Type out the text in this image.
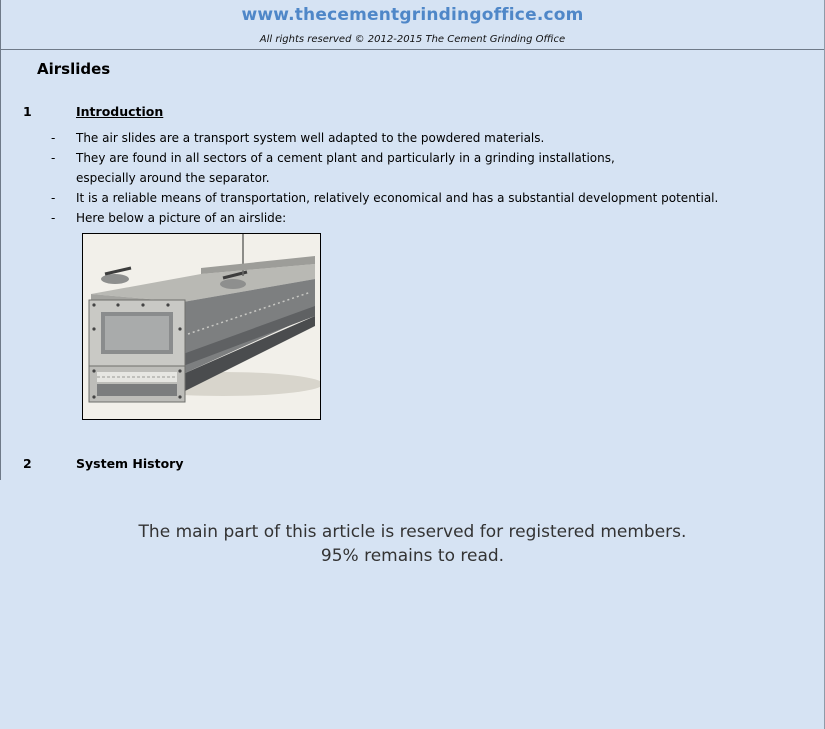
www.thecementgrindingoffice.com
All rights reserved © 2012-2015 The Cement Grinding Office
Airslides
1	Introduction
- The air slides are a transport system well adapted to the powdered materials.
- They are found in all sectors of a cement plant and particularly in a grinding installations,
especially around the separator.
- It is a reliable means of transportation, relatively economical and has a substantial development potential.
- Here below a picture of an airslide:
2	System History
The main part of this article is reserved for registered members.
95% remains to read.
